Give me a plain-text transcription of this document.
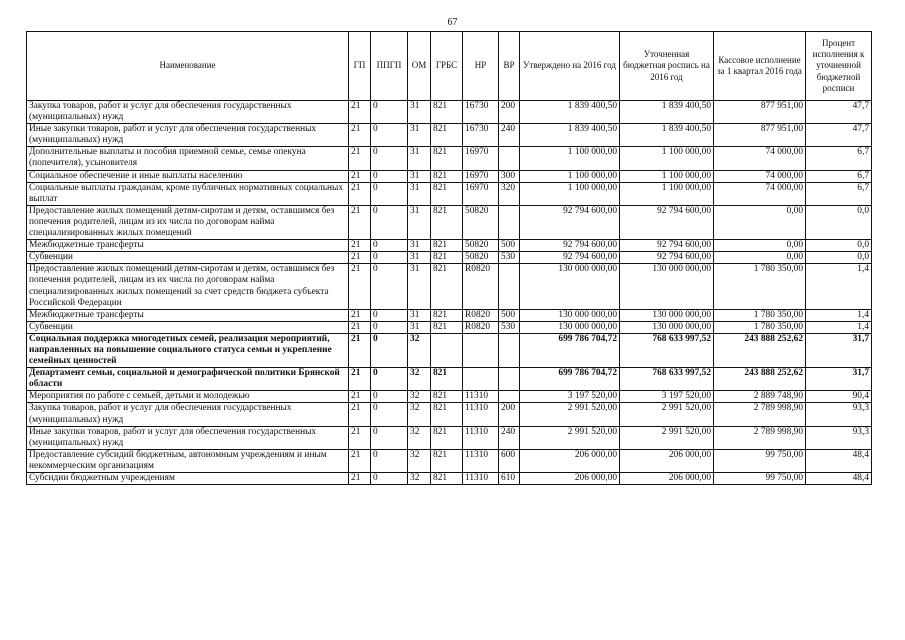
67
Наименование	ГП	ППГП	ОМ	ГРБС	НР	ВР	Утверждено на 2016 год	Уточненная бюджетная роспись на 2016 год	Кассовое исполнение за 1 квартал 2016 года	Процент исполнения к уточненной бюджетной росписи
Закупка товаров, работ и услуг для обеспечения государственных (муниципальных) нужд	21	0	31	821	16730	200	1 839 400,50	1 839 400,50	877 951,00	47,7
Иные закупки товаров, работ и услуг для обеспечения государственных (муниципальных) нужд	21	0	31	821	16730	240	1 839 400,50	1 839 400,50	877 951,00	47,7
Дополнительные выплаты и пособия приемной семье, семье опекуна (попечителя), усыновителя	21	0	31	821	16970		1 100 000,00	1 100 000,00	74 000,00	6,7
Социальное обеспечение и иные выплаты населению	21	0	31	821	16970	300	1 100 000,00	1 100 000,00	74 000,00	6,7
Социальные выплаты гражданам, кроме публичных нормативных социальных выплат	21	0	31	821	16970	320	1 100 000,00	1 100 000,00	74 000,00	6,7
Предоставление жилых помещений детям-сиротам и детям, оставшимся без попечения родителей, лицам из их числа по договорам найма специализированных жилых помещений	21	0	31	821	50820		92 794 600,00	92 794 600,00	0,00	0,0
Межбюджетные трансферты	21	0	31	821	50820	500	92 794 600,00	92 794 600,00	0,00	0,0
Субвенции	21	0	31	821	50820	530	92 794 600,00	92 794 600,00	0,00	0,0
Предоставление жилых помещений детям-сиротам и детям, оставшимся без попечения родителей, лицам из их числа по договорам найма специализированных жилых помещений за счет средств бюджета субъекта Российской Федерации	21	0	31	821	R0820		130 000 000,00	130 000 000,00	1 780 350,00	1,4
Межбюджетные трансферты	21	0	31	821	R0820	500	130 000 000,00	130 000 000,00	1 780 350,00	1,4
Субвенции	21	0	31	821	R0820	530	130 000 000,00	130 000 000,00	1 780 350,00	1,4
Социальная поддержка многодетных семей, реализация мероприятий, направленных на повышение социального статуса семьи и укрепление семейных ценностей	21	0	32				699 786 704,72	768 633 997,52	243 888 252,62	31,7
Департамент семьи, социальной и демографической политики Брянской области	21	0	32	821			699 786 704,72	768 633 997,52	243 888 252,62	31,7
Мероприятия по работе с семьей, детьми и молодежью	21	0	32	821	11310		3 197 520,00	3 197 520,00	2 889 748,90	90,4
Закупка товаров, работ и услуг для обеспечения государственных (муниципальных) нужд	21	0	32	821	11310	200	2 991 520,00	2 991 520,00	2 789 998,90	93,3
Иные закупки товаров, работ и услуг для обеспечения государственных (муниципальных) нужд	21	0	32	821	11310	240	2 991 520,00	2 991 520,00	2 789 998,90	93,3
Предоставление субсидий бюджетным, автономным учреждениям и иным некоммерческим организациям	21	0	32	821	11310	600	206 000,00	206 000,00	99 750,00	48,4
Субсидии бюджетным учреждениям	21	0	32	821	11310	610	206 000,00	206 000,00	99 750,00	48,4
